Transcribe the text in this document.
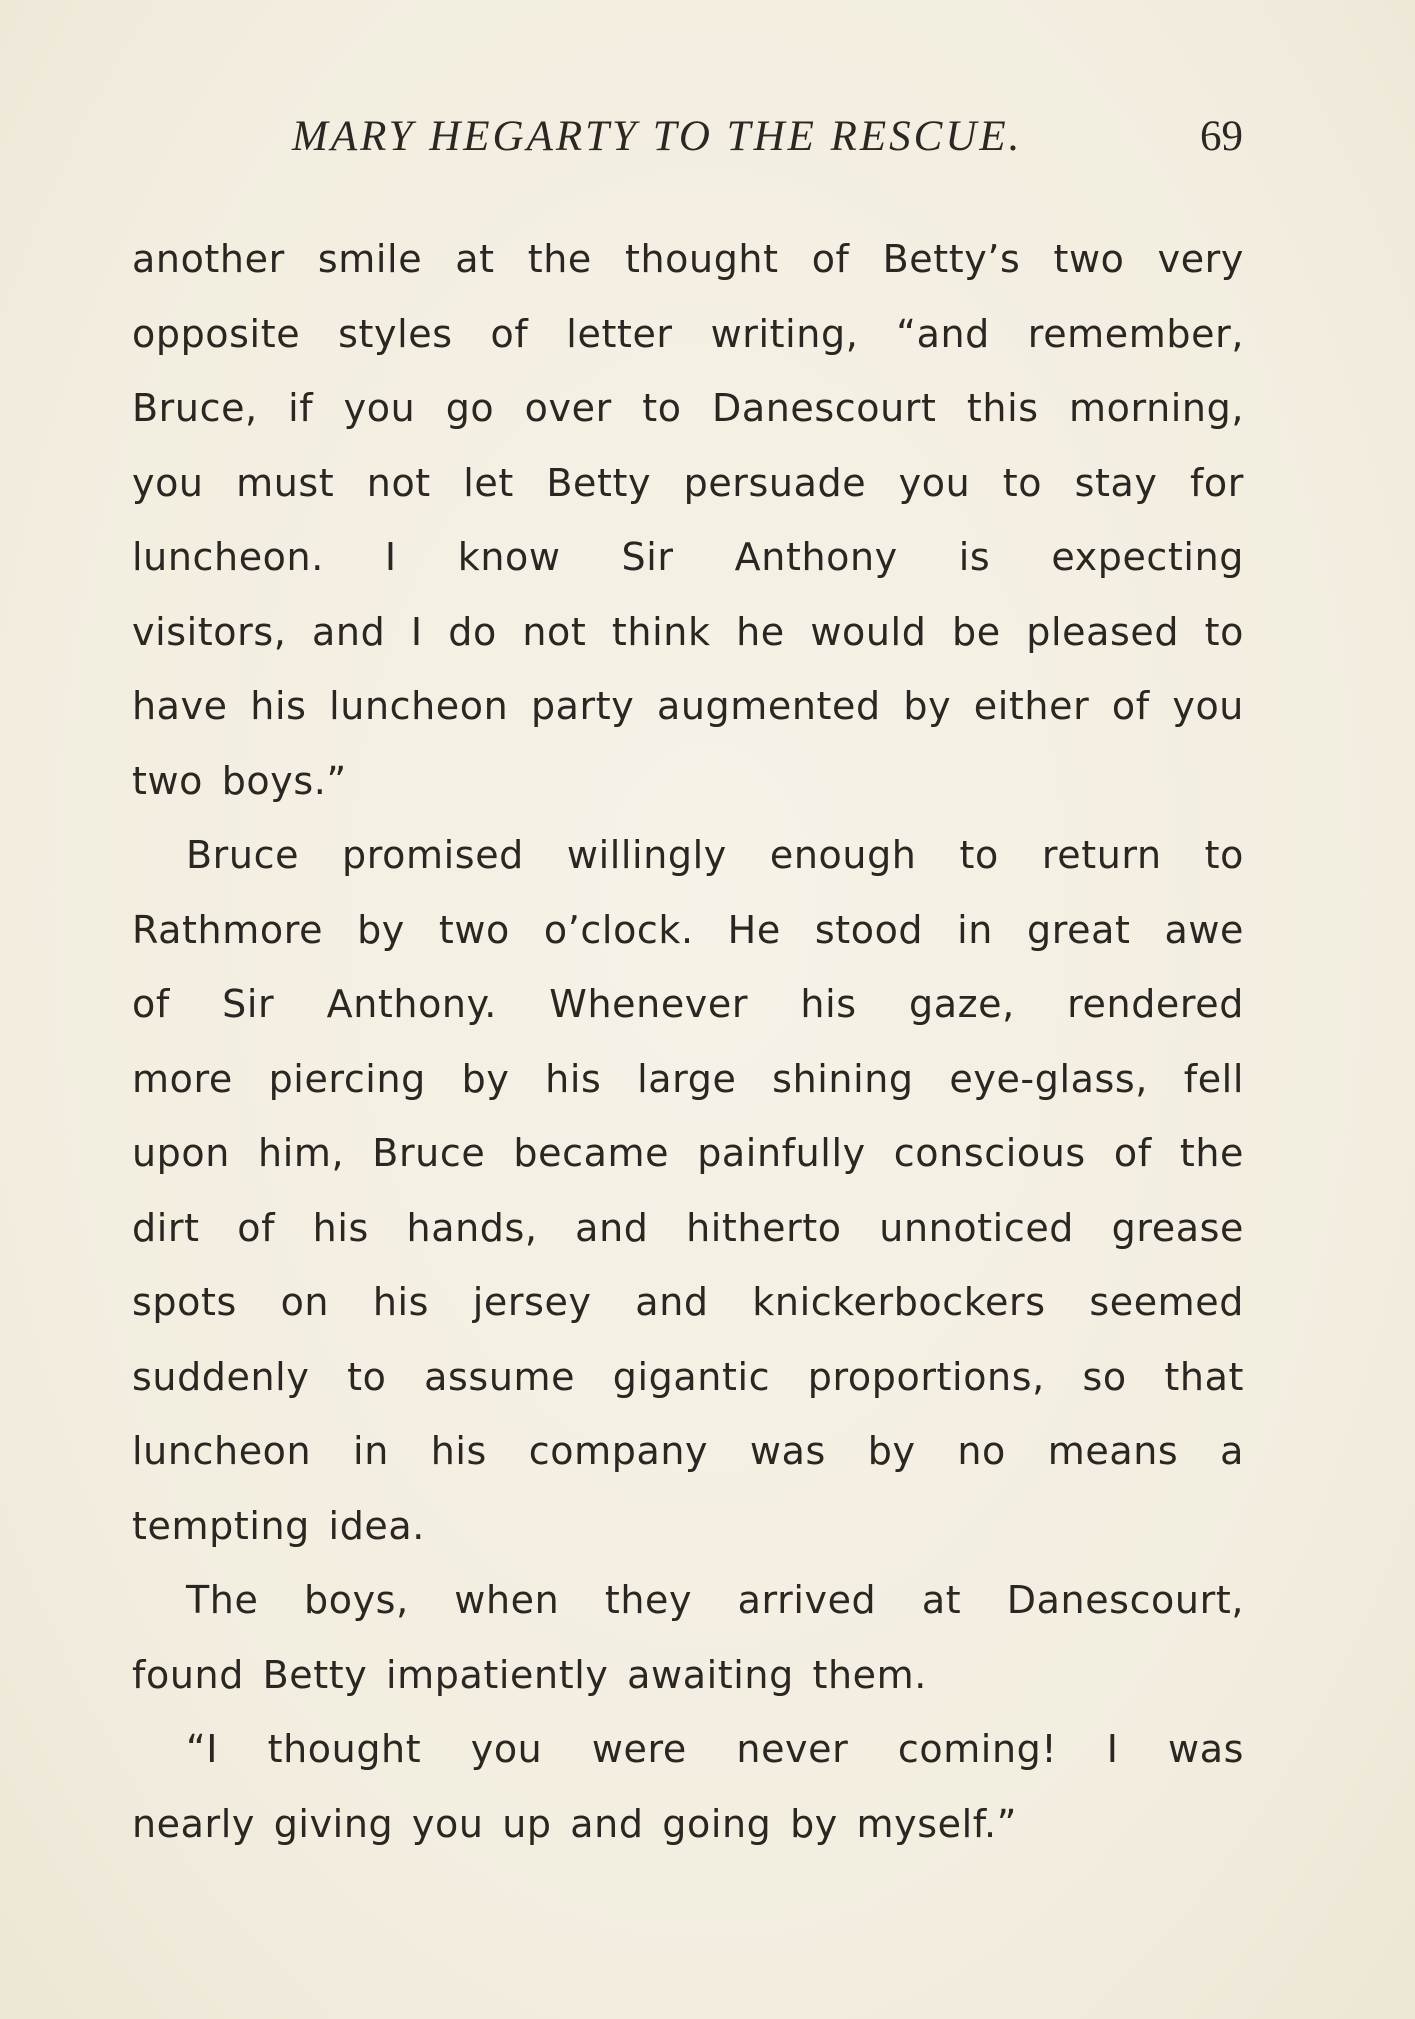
MARY HEGARTY TO THE RESCUE.	69
another smile at the thought of Betty’s two very
opposite styles of letter writing, “and remember,
Bruce, if you go over to Danescourt this morning,
you must not let Betty persuade you to stay for
luncheon. I know Sir Anthony is expecting
visitors, and I do not think he would be pleased to
have his luncheon party augmented by either of you
two boys.”
Bruce promised willingly enough to return to
Rathmore by two o’clock. He stood in great awe
of Sir Anthony. Whenever his gaze, rendered
more piercing by his large shining eye-glass, fell
upon him, Bruce became painfully conscious of the
dirt of his hands, and hitherto unnoticed grease
spots on his jersey and knickerbockers seemed
suddenly to assume gigantic proportions, so that
luncheon in his company was by no means a
tempting idea.
The boys, when they arrived at Danescourt,
found Betty impatiently awaiting them.
“I thought you were never coming! I was
nearly giving you up and going by myself.”
